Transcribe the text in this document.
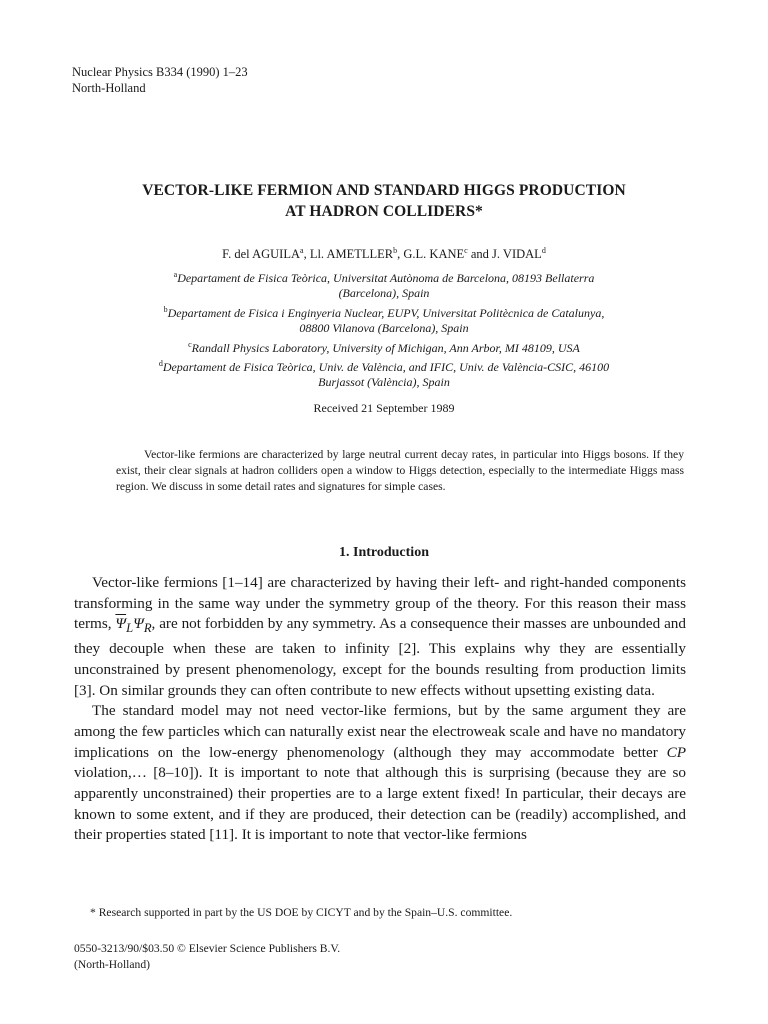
Nuclear Physics B334 (1990) 1–23
North-Holland
VECTOR-LIKE FERMION AND STANDARD HIGGS PRODUCTION
AT HADRON COLLIDERS*
F. del AGUILA$^a$, Ll. AMETLLER$^b$, G.L. KANE$^c$ and J. VIDAL$^d$
$^a$Departament de Fisica Teòrica, Universitat Autònoma de Barcelona, 08193 Bellaterra
(Barcelona), Spain
$^b$Departament de Fisica i Enginyeria Nuclear, EUPV, Universitat Politècnica de Catalunya,
08800 Vilanova (Barcelona), Spain
$^c$Randall Physics Laboratory, University of Michigan, Ann Arbor, MI 48109, USA
$^d$Departament de Fisica Teòrica, Univ. de València, and IFIC, Univ. de València-CSIC, 46100
Burjassot (València), Spain
Received 21 September 1989
Vector-like fermions are characterized by large neutral current decay rates, in particular into Higgs bosons. If they exist, their clear signals at hadron colliders open a window to Higgs detection, especially to the intermediate Higgs mass region. We discuss in some detail rates and signatures for simple cases.
1. Introduction

Vector-like fermions [1–14] are characterized by having their left- and right-handed components transforming in the same way under the symmetry group of the theory. For this reason their mass terms, $\overline{\Psi}_L\Psi_R$, are not forbidden by any symmetry. As a consequence their masses are unbounded and they decouple when these are taken to infinity [2]. This explains why they are essentially unconstrained by present phenomenology, except for the bounds resulting from production limits [3]. On similar grounds they can often contribute to new effects without upsetting existing data.

The standard model may not need vector-like fermions, but by the same argument they are among the few particles which can naturally exist near the electroweak scale and have no mandatory implications on the low-energy phenomenology (although they may accommodate better CP violation,… [8–10]). It is important to note that although this is surprising (because they are so apparently unconstrained) their properties are to a large extent fixed! In particular, their decays are known to some extent, and if they are produced, their detection can be (readily) accomplished, and their properties stated [11]. It is important to note that vector-like fermions

* Research supported in part by the US DOE by CICYT and by the Spain–U.S. committee.
0550-3213/90/$03.50 © Elsevier Science Publishers B.V.
(North-Holland)
